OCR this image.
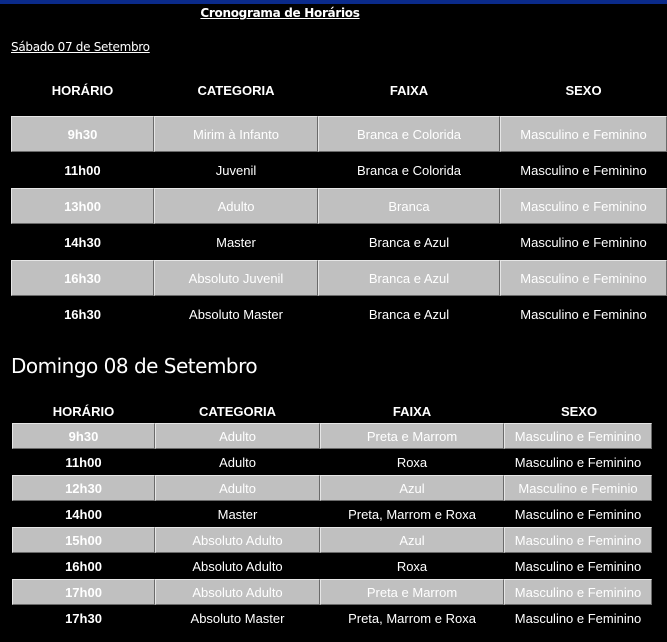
Cronograma de Horários
Sábado 07 de Setembro
HORÁRIO	CATEGORIA	FAIXA	SEXO
9h30	Mirim à Infanto	Branca e Colorida	Masculino e Feminino
11h00	Juvenil	Branca e Colorida	Masculino e Feminino
13h00	Adulto	Branca	Masculino e Feminino
14h30	Master	Branca e Azul	Masculino e Feminino
16h30	Absoluto Juvenil	Branca e Azul	Masculino e Feminino
16h30	Absoluto Master	Branca e Azul	Masculino e Feminino
Domingo 08 de Setembro
HORÁRIO	CATEGORIA	FAIXA	SEXO
9h30	Adulto	Preta e Marrom	Masculino e Feminino
11h00	Adulto	Roxa	Masculino e Feminino
12h30	Adulto	Azul	Masculino e Feminio
14h00	Master	Preta, Marrom e Roxa	Masculino e Feminino
15h00	Absoluto Adulto	Azul	Masculino e Feminino
16h00	Absoluto Adulto	Roxa	Masculino e Feminino
17h00	Absoluto Adulto	Preta e Marrom	Masculino e Feminino
17h30	Absoluto Master	Preta, Marrom e Roxa	Masculino e Feminino
